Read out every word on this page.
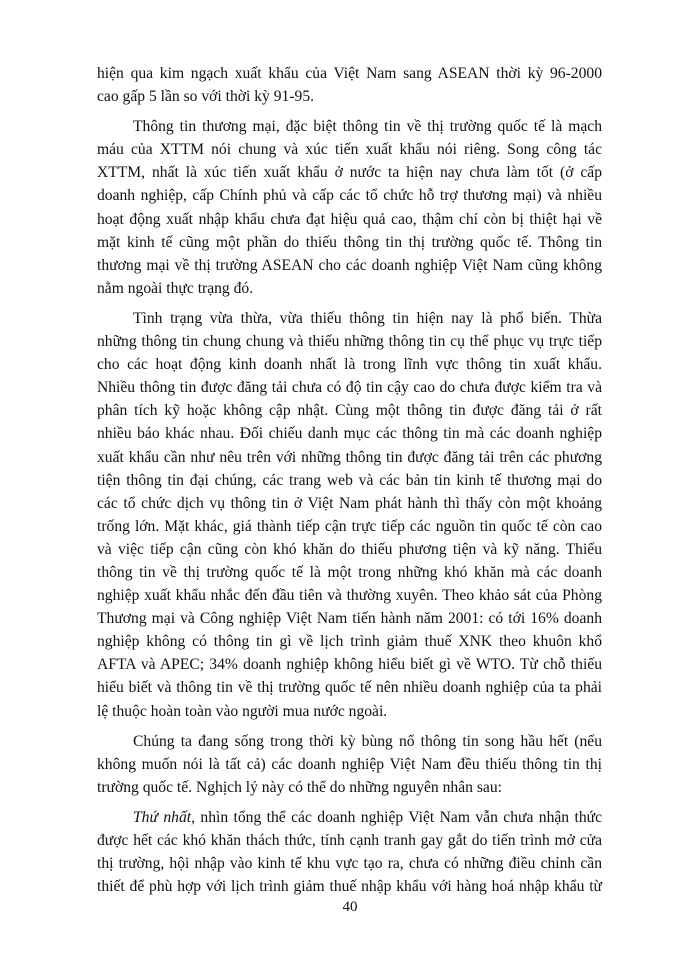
hiện qua kim ngạch xuất khẩu của Việt Nam sang ASEAN thời kỳ 96-2000
cao gấp 5 lần so với thời kỳ 91-95.
Thông tin thương mại, đặc biệt thông tin về thị trường quốc tế là mạch
máu của XTTM nói chung và xúc tiến xuất khẩu nói riêng. Song công tác
XTTM, nhất là xúc tiến xuất khẩu ở nước ta hiện nay chưa làm tốt (ở cấp
doanh nghiệp, cấp Chính phủ và cấp các tổ chức hỗ trợ thương mại) và nhiều
hoạt động xuất nhập khẩu chưa đạt hiệu quả cao, thậm chí còn bị thiệt hại về
mặt kinh tế cũng một phần do thiếu thông tin thị trường quốc tế. Thông tin
thương mại về thị trường ASEAN cho các doanh nghiệp Việt Nam cũng không
nằm ngoài thực trạng đó.
Tình trạng vừa thừa, vừa thiếu thông tin hiện nay là phổ biến. Thừa
những thông tin chung chung và thiếu những thông tin cụ thể phục vụ trực tiếp
cho các hoạt động kinh doanh nhất là trong lĩnh vực thông tin xuất khẩu.
Nhiều thông tin được đăng tải chưa có độ tin cậy cao do chưa được kiểm tra và
phân tích kỹ hoặc không cập nhật. Cùng một thông tin được đăng tải ở rất
nhiều báo khác nhau. Đối chiếu danh mục các thông tin mà các doanh nghiệp
xuất khẩu cần như nêu trên với những thông tin được đăng tải trên các phương
tiện thông tin đại chúng, các trang web và các bản tin kinh tế thương mại do
các tổ chức dịch vụ thông tin ở Việt Nam phát hành thì thấy còn một khoảng
trống lớn. Mặt khác, giá thành tiếp cận trực tiếp các nguồn tin quốc tế còn cao
và việc tiếp cận cũng còn khó khăn do thiếu phương tiện và kỹ năng. Thiếu
thông tin về thị trường quốc tế là một trong những khó khăn mà các doanh
nghiệp xuất khẩu nhắc đến đầu tiên và thường xuyên. Theo khảo sát của Phòng
Thương mại và Công nghiệp Việt Nam tiến hành năm 2001: có tới 16% doanh
nghiệp không có thông tin gì về lịch trình giảm thuế XNK theo khuôn khổ
AFTA và APEC; 34% doanh nghiệp không hiểu biết gì về WTO. Từ chỗ thiếu
hiểu biết và thông tin về thị trường quốc tế nên nhiều doanh nghiệp của ta phải
lệ thuộc hoàn toàn vào người mua nước ngoài.
Chúng ta đang sống trong thời kỳ bùng nổ thông tin song hầu hết (nếu
không muốn nói là tất cả) các doanh nghiệp Việt Nam đều thiếu thông tin thị
trường quốc tế. Nghịch lý này có thể do những nguyên nhân sau:
Thứ nhất, nhìn tổng thể các doanh nghiệp Việt Nam vẫn chưa nhận thức
được hết các khó khăn thách thức, tính cạnh tranh gay gắt do tiến trình mở cửa
thị trường, hội nhập vào kinh tế khu vực tạo ra, chưa có những điều chỉnh cần
thiết để phù hợp với lịch trình giảm thuế nhập khẩu với hàng hoá nhập khẩu từ
40
